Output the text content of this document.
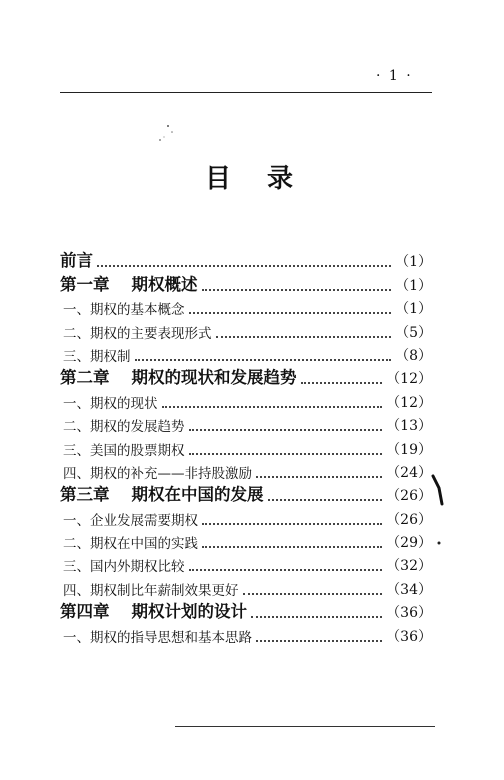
· 1 ·
目录
前言	（1）
第一章 期权概述	（1）
一、期权的基本概念	（1）
二、期权的主要表现形式	（5）
三、期权制	（8）
第二章 期权的现状和发展趋势	（12）
一、期权的现状	（12）
二、期权的发展趋势	（13）
三、美国的股票期权	（19）
四、期权的补充——非持股激励	（24）
第三章 期权在中国的发展	（26）
一、企业发展需要期权	（26）
二、期权在中国的实践	（29）
三、国内外期权比较	（32）
四、期权制比年薪制效果更好	（34）
第四章 期权计划的设计	（36）
一、期权的指导思想和基本思路	（36）
